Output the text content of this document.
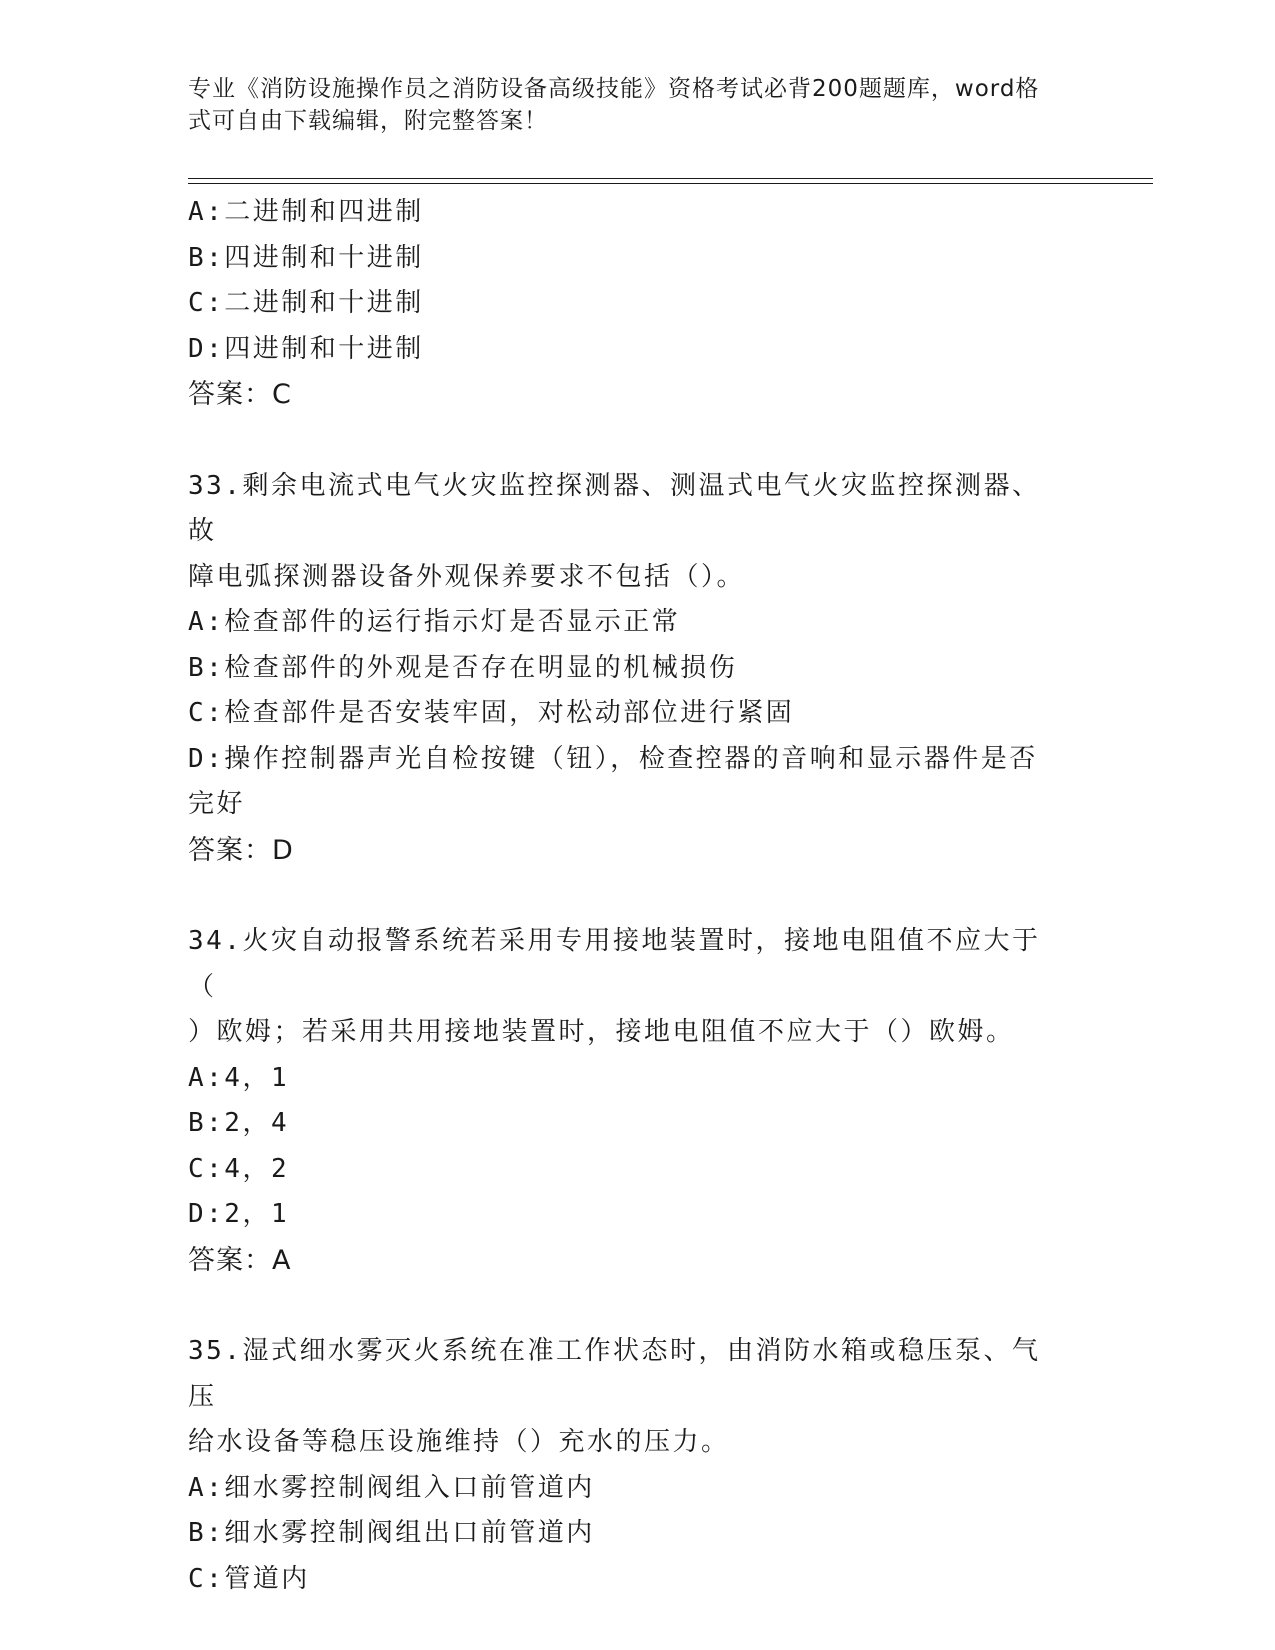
专业《消防设施操作员之消防设备高级技能》资格考试必背200题题库，word格
式可自由下载编辑，附完整答案！
A:二进制和四进制
B:四进制和十进制
C:二进制和十进制
D:四进制和十进制
答案：C
33.剩余电流式电气火灾监控探测器、测温式电气火灾监控探测器、故
障电弧探测器设备外观保养要求不包括（）。
A:检查部件的运行指示灯是否显示正常
B:检查部件的外观是否存在明显的机械损伤
C:检查部件是否安装牢固，对松动部位进行紧固
D:操作控制器声光自检按键（钮），检查控器的音响和显示器件是否
完好
答案：D
34.火灾自动报警系统若采用专用接地装置时，接地电阻值不应大于（
）欧姆；若采用共用接地装置时，接地电阻值不应大于（）欧姆。
A:4，1
B:2，4
C:4，2
D:2，1
答案：A
35.湿式细水雾灭火系统在准工作状态时，由消防水箱或稳压泵、气压
给水设备等稳压设施维持（）充水的压力。
A:细水雾控制阀组入口前管道内
B:细水雾控制阀组出口前管道内
C:管道内
